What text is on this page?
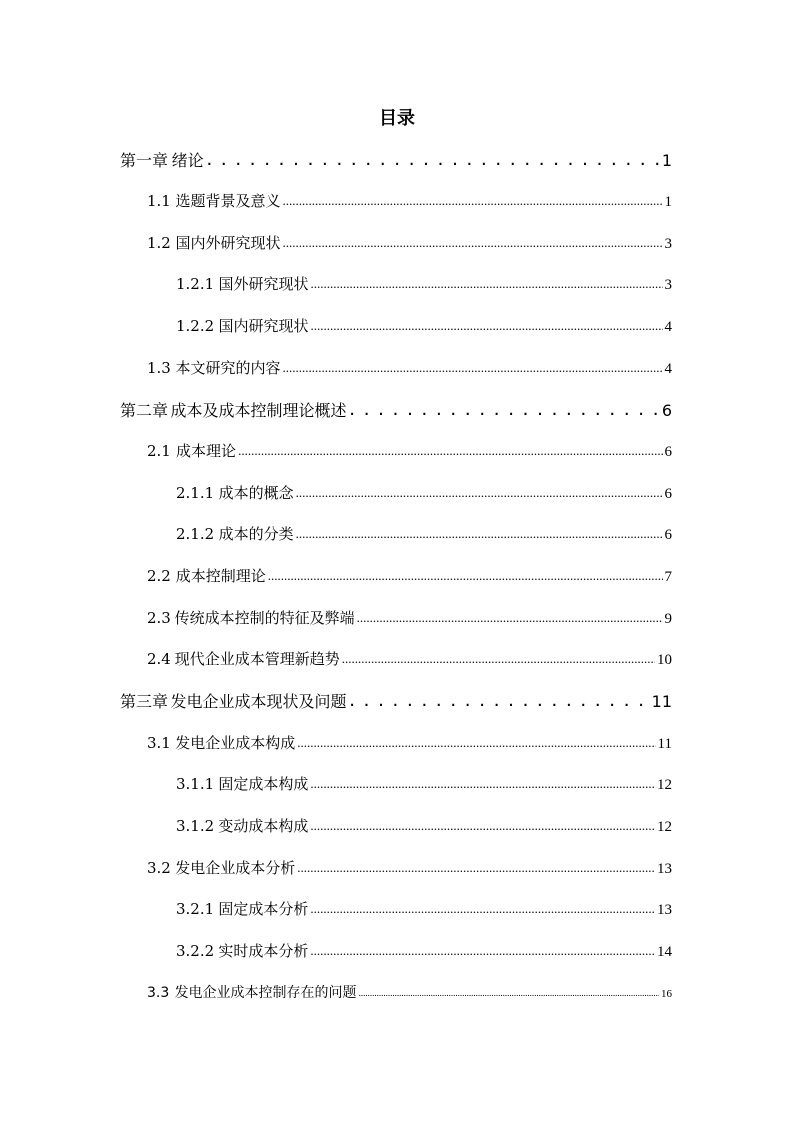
目录
第一章 绪论 . . .	1
1.1 选题背景及意义 .....	1
1.2 国内外研究现状 .....	3
1.2.1 国外研究现状 .....	3
1.2.2 国内研究现状 .....	4
1.3 本文研究的内容 .....	4
第二章 成本及成本控制理论概述 . . .	6
2.1 成本理论 .....	6
2.1.1 成本的概念 .....	6
2.1.2 成本的分类 .....	6
2.2 成本控制理论 .....	7
2.3 传统成本控制的特征及弊端 .....	9
2.4 现代企业成本管理新趋势 .....	10
第三章 发电企业成本现状及问题 . . .	11
3.1 发电企业成本构成 .....	11
3.1.1 固定成本构成 .....	12
3.1.2 变动成本构成 .....	12
3.2 发电企业成本分析 .....	13
3.2.1 固定成本分析 .....	13
3.2.2 实时成本分析 .....	14
3.3 发电企业成本控制存在的问题 .....	16
